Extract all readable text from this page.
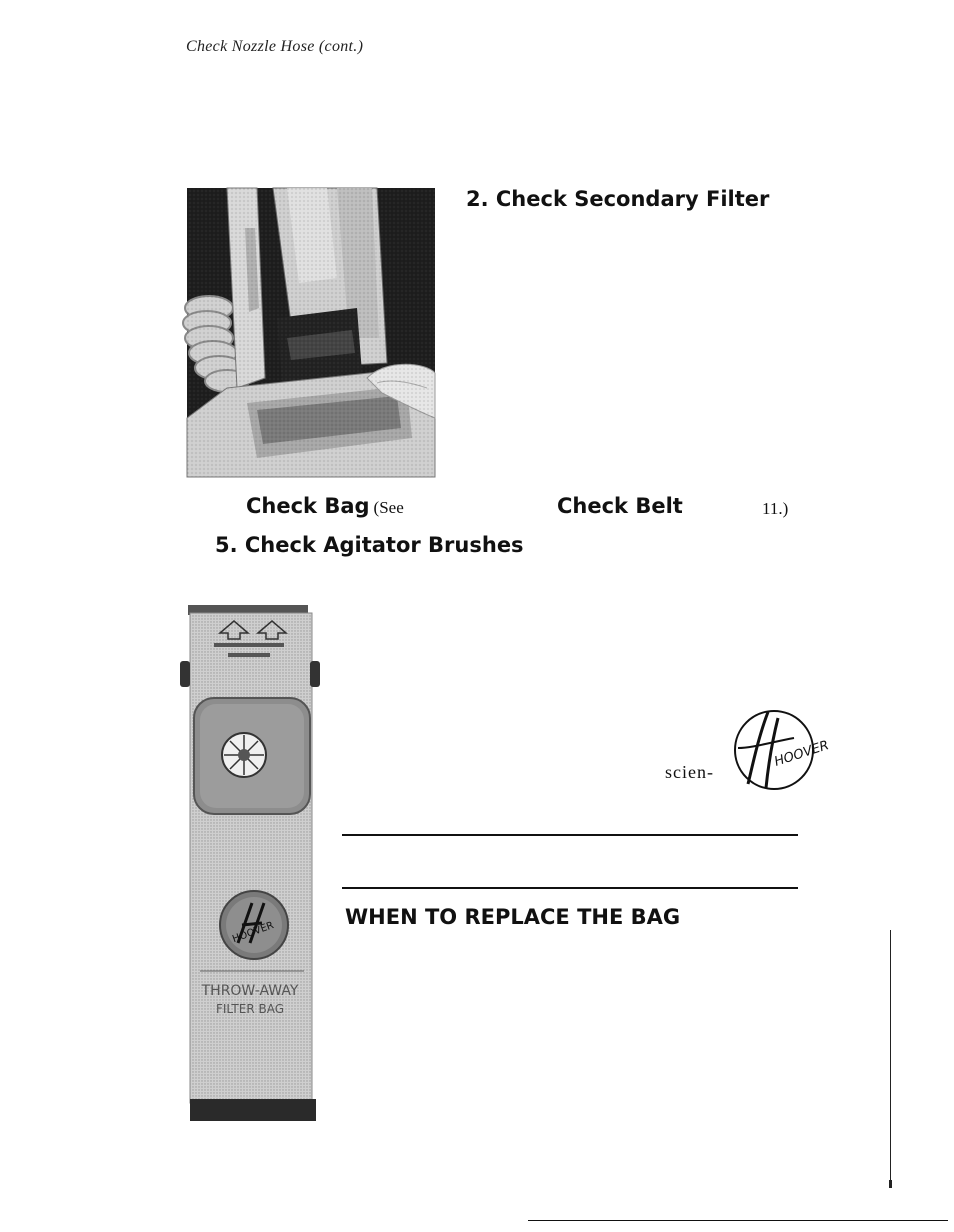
Check Nozzle Hose (cont.)
2. Check Secondary Filter
Check Bag (See	Check Belt	11.)
5. Check Agitator Brushes
HOOVER
THROW-AWAY
FILTER BAG
scien-
HOOVER
WHEN TO REPLACE THE BAG
